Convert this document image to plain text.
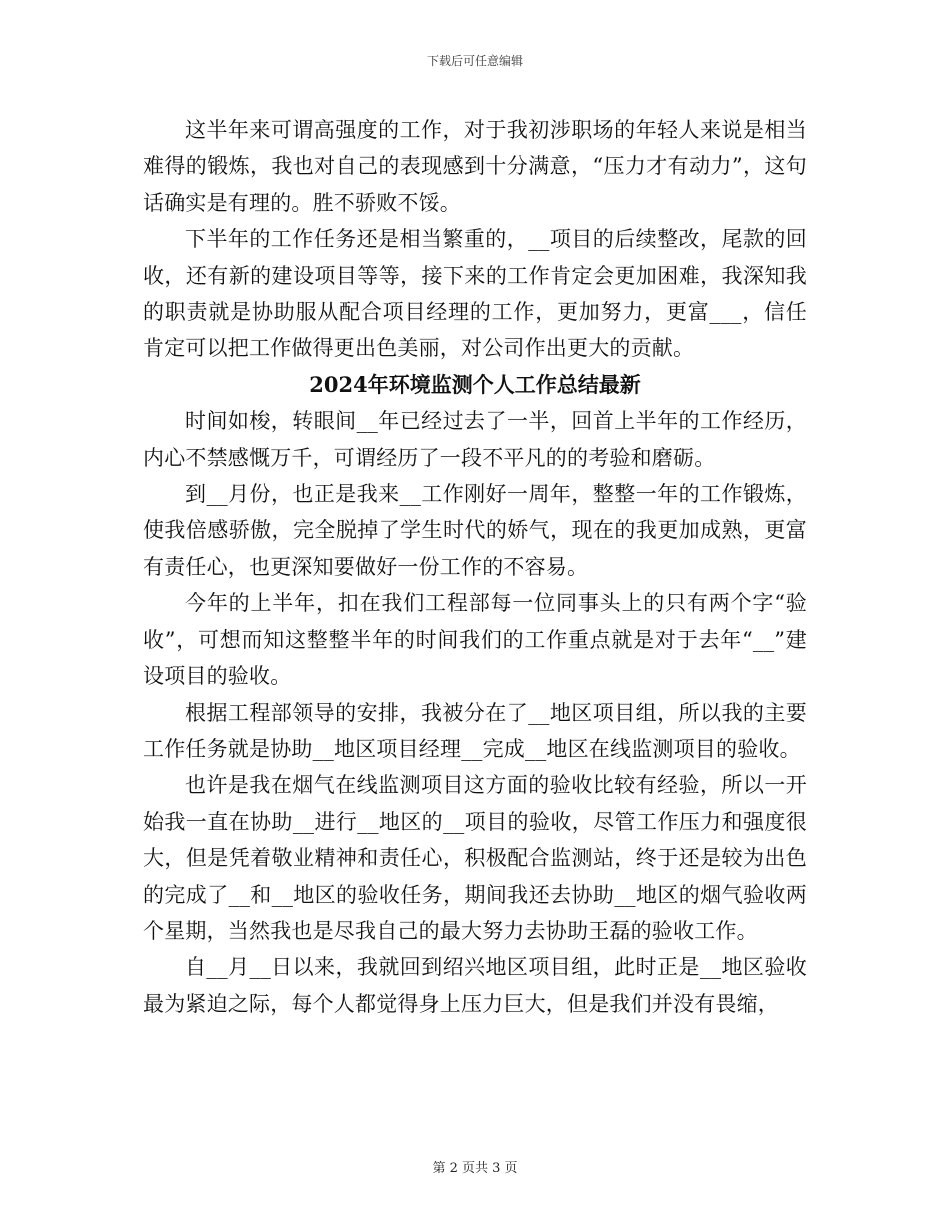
下载后可任意编辑

这半年来可谓高强度的工作，对于我初涉职场的年轻人来说是相当难得的锻炼，我也对自己的表现感到十分满意，“压力才有动力”，这句话确实是有理的。胜不骄败不馁。

下半年的工作任务还是相当繁重的，__项目的后续整改，尾款的回收，还有新的建设项目等等，接下来的工作肯定会更加困难，我深知我的职责就是协助服从配合项目经理的工作，更加努力，更富___，信任肯定可以把工作做得更出色美丽，对公司作出更大的贡献。

2024年环境监测个人工作总结最新

时间如梭，转眼间__年已经过去了一半，回首上半年的工作经历，内心不禁感慨万千，可谓经历了一段不平凡的的考验和磨砺。

到__月份，也正是我来__工作刚好一周年，整整一年的工作锻炼，使我倍感骄傲，完全脱掉了学生时代的娇气，现在的我更加成熟，更富有责任心，也更深知要做好一份工作的不容易。

今年的上半年，扣在我们工程部每一位同事头上的只有两个字“验收”，可想而知这整整半年的时间我们的工作重点就是对于去年“__”建设项目的验收。

根据工程部领导的安排，我被分在了__地区项目组，所以我的主要工作任务就是协助__地区项目经理__完成__地区在线监测项目的验收。

也许是我在烟气在线监测项目这方面的验收比较有经验，所以一开始我一直在协助__进行__地区的__项目的验收，尽管工作压力和强度很大，但是凭着敬业精神和责任心，积极配合监测站，终于还是较为出色的完成了__和__地区的验收任务，期间我还去协助__地区的烟气验收两个星期，当然我也是尽我自己的最大努力去协助王磊的验收工作。

自__月__日以来，我就回到绍兴地区项目组，此时正是__地区验收最为紧迫之际，每个人都觉得身上压力巨大，但是我们并没有畏缩，

第 2 页共 3 页
